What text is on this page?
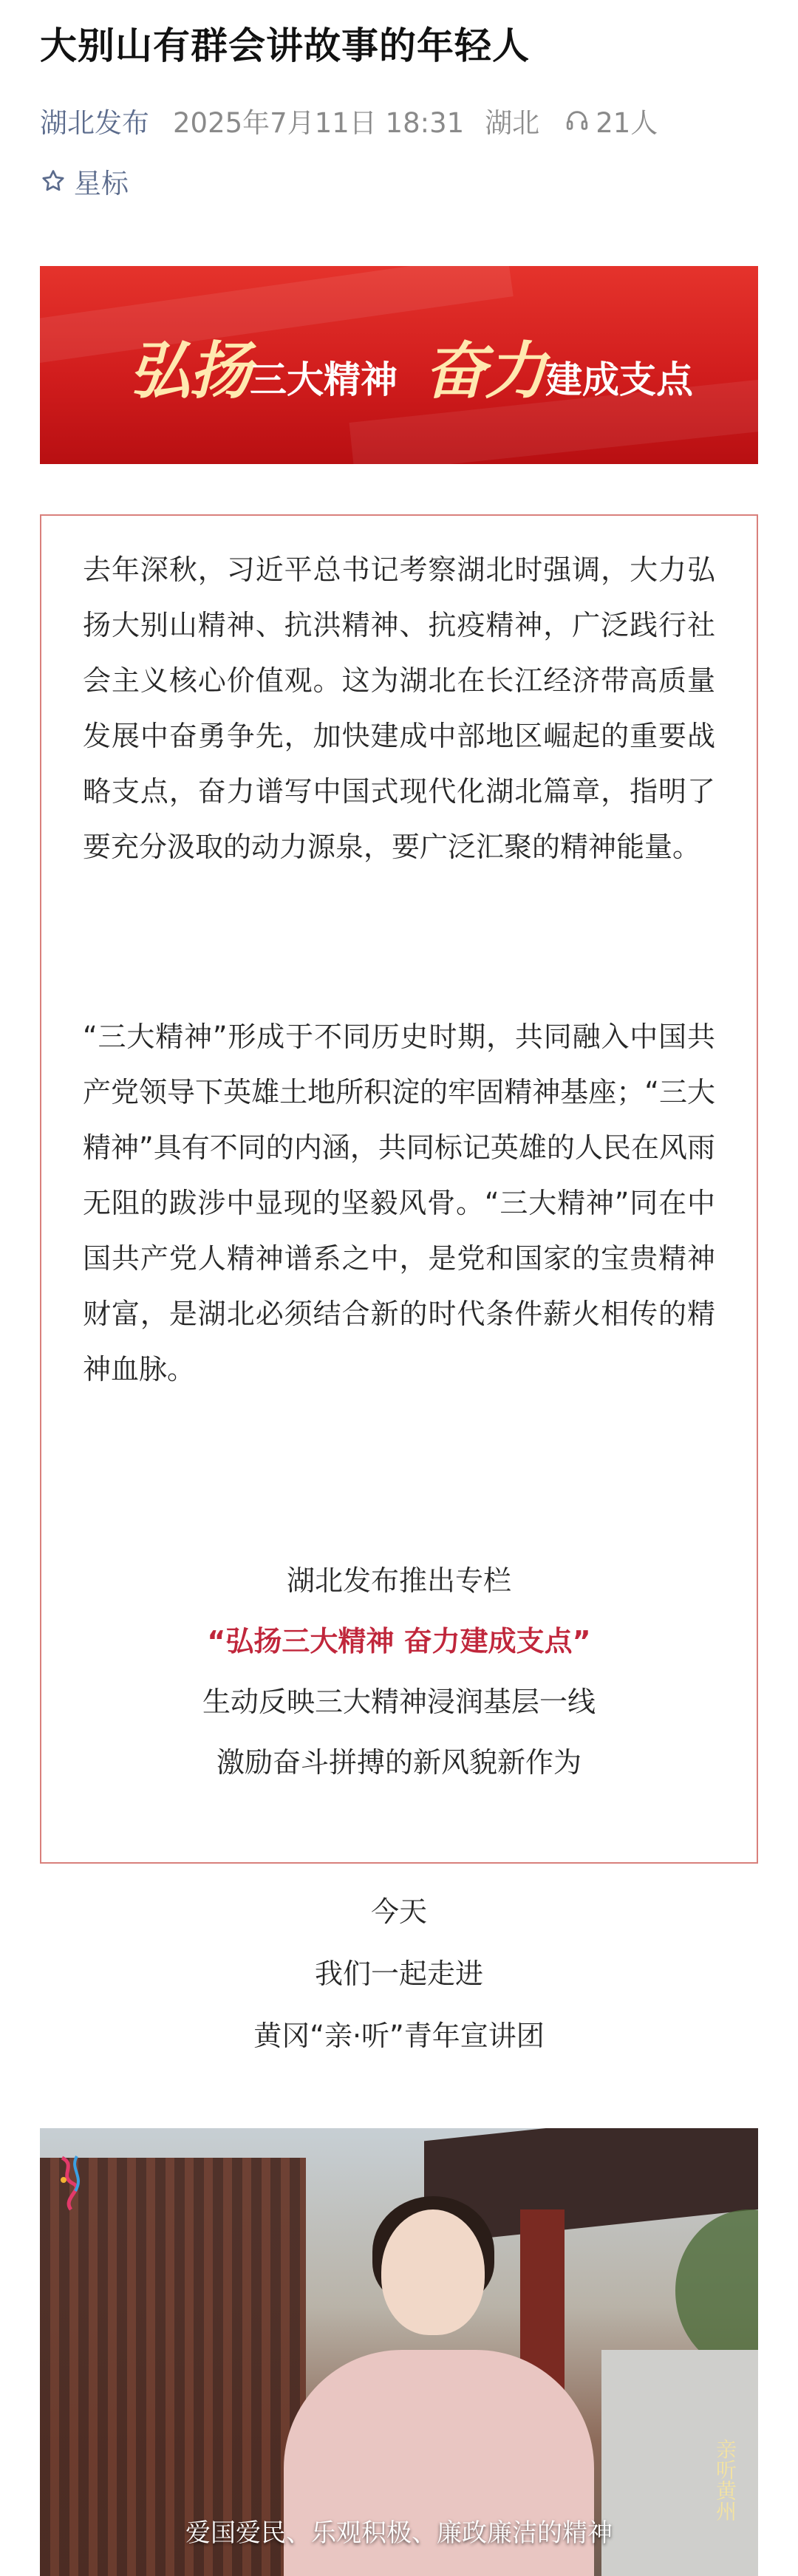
大别山有群会讲故事的年轻人
湖北发布 2025年7月11日 18:31 湖北 21人
星标
弘扬 三大精神 奋力 建成支点
去年深秋，习近平总书记考察湖北时强调，大力弘扬大别山精神、抗洪精神、抗疫精神，广泛践行社会主义核心价值观。这为湖北在长江经济带高质量发展中奋勇争先，加快建成中部地区崛起的重要战略支点，奋力谱写中国式现代化湖北篇章，指明了要充分汲取的动力源泉，要广泛汇聚的精神能量。
“三大精神”形成于不同历史时期，共同融入中国共产党领导下英雄土地所积淀的牢固精神基座；“三大精神”具有不同的内涵，共同标记英雄的人民在风雨无阻的跋涉中显现的坚毅风骨。“三大精神”同在中国共产党人精神谱系之中，是党和国家的宝贵精神财富，是湖北必须结合新的时代条件薪火相传的精神血脉。
湖北发布推出专栏
“弘扬三大精神 奋力建成支点”
生动反映三大精神浸润基层一线
激励奋斗拼搏的新风貌新作为
今天
我们一起走进
黄冈“亲·听”青年宣讲团
亲听黄州
爱国爱民、乐观积极、廉政廉洁的精神
